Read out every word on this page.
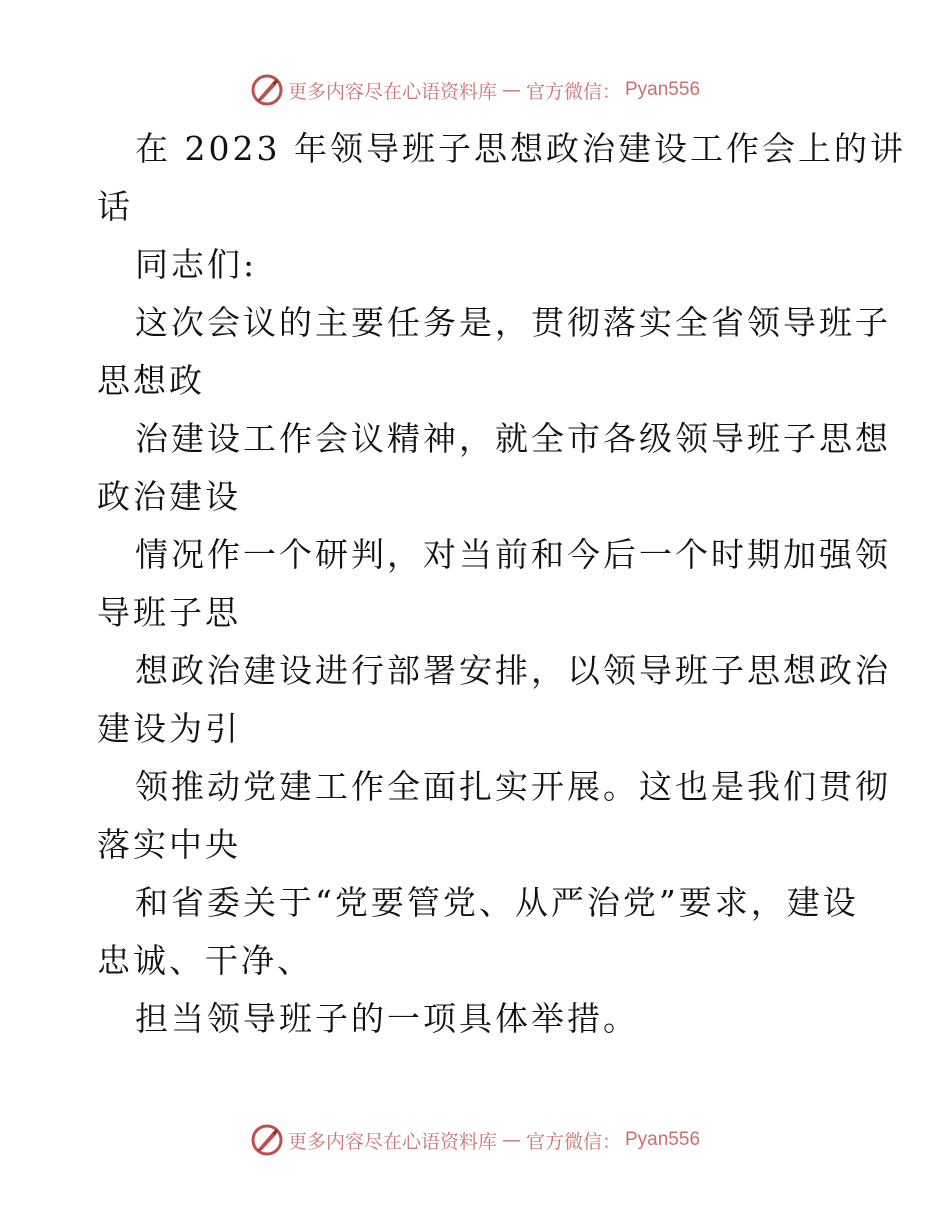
更多内容尽在心语资料库 — 官方微信： Pyan556
在 2023 年领导班子思想政治建设工作会上的讲
话
同志们:
这次会议的主要任务是，贯彻落实全省领导班子
思想政
治建设工作会议精神，就全市各级领导班子思想
政治建设
情况作一个研判，对当前和今后一个时期加强领
导班子思
想政治建设进行部署安排，以领导班子思想政治
建设为引
领推动党建工作全面扎实开展。这也是我们贯彻
落实中央
和省委关于“党要管党、从严治党”要求，建设
忠诚、干净、
担当领导班子的一项具体举措。
更多内容尽在心语资料库 — 官方微信： Pyan556
